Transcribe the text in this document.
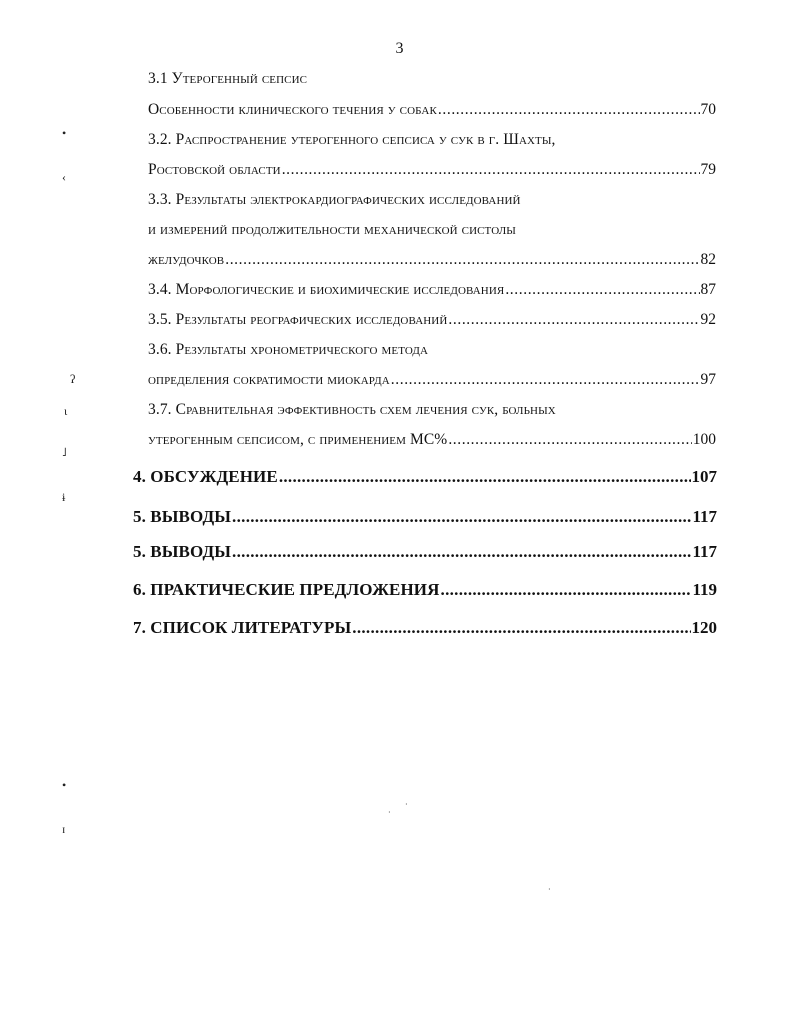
3
3.1 Утерогенный сепсис
Особенности клинического течения у собак .....	70
3.2. Распространение утерогенного сепсиса у сук в г. Шахты,
Ростовской области .....	79
3.3. Результаты электрокардиографических исследований
и измерений продолжительности механической систолы
желудочков .....	82
3.4. Морфологические и биохимические исследования .....	87
3.5. Результаты реографических исследований .....	92
3.6. Результаты хронометрического метода
определения сократимости миокарда .....	97
3.7. Сравнительная эффективность схем лечения сук, больных
утерогенным сепсисом, с применением МС% .....	100
4. ОБСУЖДЕНИЕ .....	107
5. ВЫВОДЫ .....	117
5. ВЫВОДЫ .....	117
6. ПРАКТИЧЕСКИЕ ПРЕДЛОЖЕНИЯ .....	119
7. СПИСОК ЛИТЕРАТУРЫ .....	120
•
‹
ʔ
ɩ
˩
ɨ
•
ɪ
·
·
·
